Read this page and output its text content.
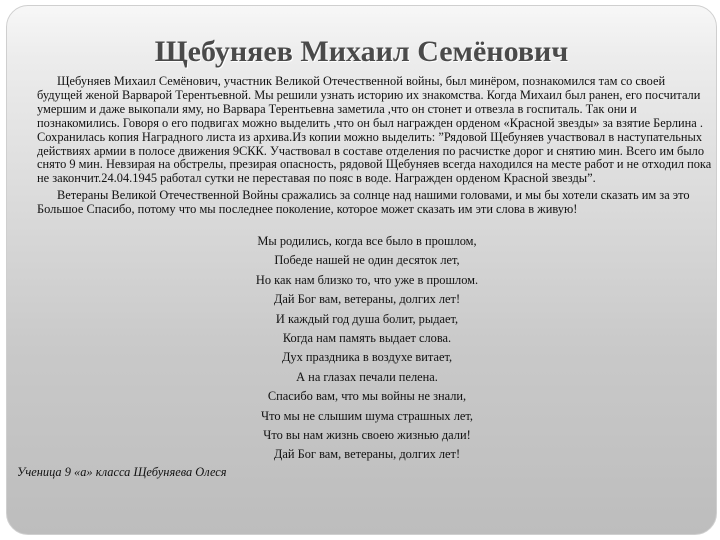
Щебуняев Михаил Семёнович

Щебуняев Михаил Семёнович, участник Великой Отечественной войны, был минёром, познакомился там со своей будущей женой Варварой Терентьевной. Мы решили узнать историю их знакомства. Когда Михаил был ранен, его посчитали умершим и даже выкопали яму, но Варвара Терентьевна заметила ,что он стонет и отвезла в госпиталь. Так они и познакомились. Говоря о его подвигах можно выделить ,что он был награжден орденом «Красной звезды» за взятие Берлина . Сохранилась копия Наградного листа из архива.Из копии можно выделить: ”Рядовой Щебуняев участвовал в наступательных действиях армии в полосе движения 9СКК. Участвовал в составе отделения по расчистке дорог и снятию мин. Всего им было снято 9 мин. Невзирая на обстрелы, презирая опасность, рядовой Щебуняев всегда находился на месте работ и не отходил пока не закончит.24.04.1945 работал сутки не переставая по пояс в воде. Награжден орденом Красной звезды”.

Ветераны Великой Отечественной Войны сражались за солнце над нашими головами, и мы бы хотели сказать им за это Большое Спасибо, потому что мы последнее поколение, которое может сказать им эти слова в живую!

Мы родились, когда все было в прошлом,
Победе нашей не один десяток лет,
Но как нам близко то, что уже в прошлом.
Дай Бог вам, ветераны, долгих лет!
И каждый год душа болит, рыдает,
Когда нам память выдает слова.
Дух праздника в воздухе витает,
А на глазах печали пелена.
Спасибо вам, что мы войны не знали,
Что мы не слышим шума страшных лет,
Что вы нам жизнь своею жизнью дали!
Дай Бог вам, ветераны, долгих лет!

Ученица 9 «а» класса Щебуняева Олеся
